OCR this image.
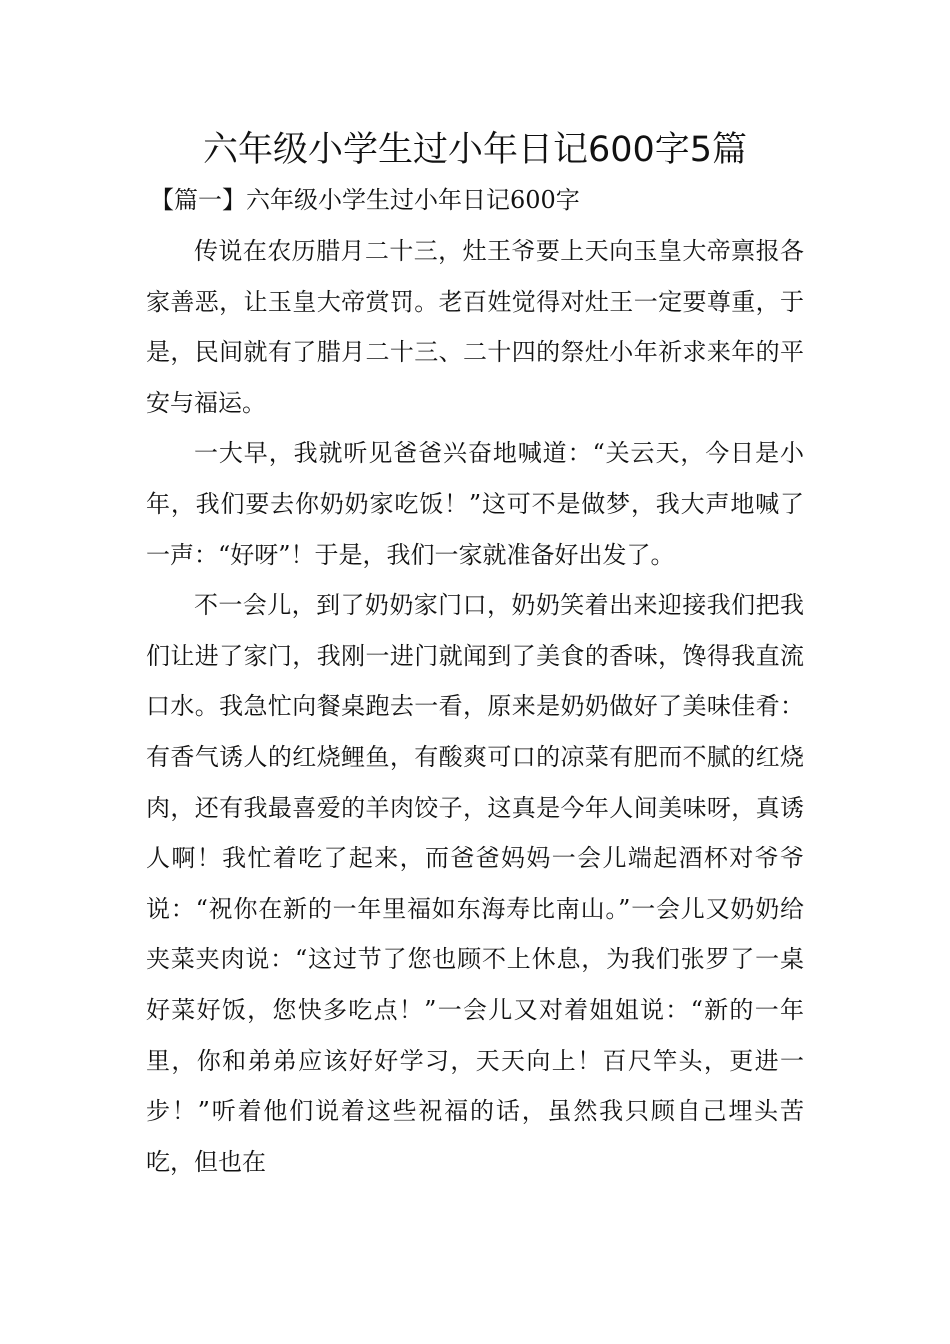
六年级小学生过小年日记600字5篇
【篇一】六年级小学生过小年日记600字

传说在农历腊月二十三，灶王爷要上天向玉皇大帝禀报各家善恶，让玉皇大帝赏罚。老百姓觉得对灶王一定要尊重，于是，民间就有了腊月二十三、二十四的祭灶小年祈求来年的平安与福运。

一大早，我就听见爸爸兴奋地喊道：“关云天，今日是小年，我们要去你奶奶家吃饭！”这可不是做梦，我大声地喊了一声：“好呀”！于是，我们一家就准备好出发了。

不一会儿，到了奶奶家门口，奶奶笑着出来迎接我们把我们让进了家门，我刚一进门就闻到了美食的香味，馋得我直流口水。我急忙向餐桌跑去一看，原来是奶奶做好了美味佳肴：有香气诱人的红烧鲤鱼，有酸爽可口的凉菜有肥而不腻的红烧肉，还有我最喜爱的羊肉饺子，这真是今年人间美味呀，真诱人啊！我忙着吃了起来，而爸爸妈妈一会儿端起酒杯对爷爷说：“祝你在新的一年里福如东海寿比南山。”一会儿又奶奶给夹菜夹肉说：“这过节了您也顾不上休息，为我们张罗了一桌好菜好饭，您快多吃点！”一会儿又对着姐姐说：“新的一年里，你和弟弟应该好好学习，天天向上！百尺竿头，更进一步！”听着他们说着这些祝福的话，虽然我只顾自己埋头苦吃，但也在
